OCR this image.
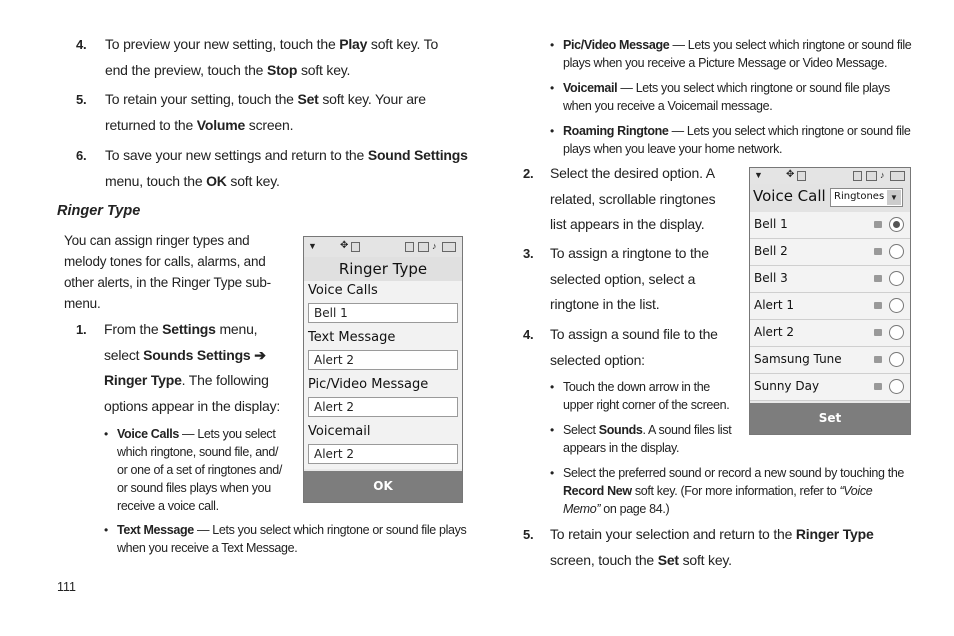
4. To preview your new setting, touch the Play soft key. To
end the preview, touch the Stop soft key.
5. To retain your setting, touch the Set soft key. Your are
returned to the Volume screen.
6. To save your new settings and return to the Sound Settings
menu, touch the OK soft key.
Ringer Type
You can assign ringer types and
melody tones for calls, alarms, and
other alerts, in the Ringer Type sub-
menu.
1. From the Settings menu,
select Sounds Settings ➔
Ringer Type. The following
options appear in the display:
• Voice Calls — Lets you select
which ringtone, sound file, and/
or one of a set of ringtones and/
or sound files plays when you
receive a voice call.
• Text Message — Lets you select which ringtone or sound file plays
when you receive a Text Message.
111
▼ ✥	♪
Ringer Type
Voice Calls
Bell 1
Text Message
Alert 2
Pic/Video Message
Alert 2
Voicemail
Alert 2
OK
• Pic/Video Message — Lets you select which ringtone or sound file
plays when you receive a Picture Message or Video Message.
• Voicemail — Lets you select which ringtone or sound file plays
when you receive a Voicemail message.
• Roaming Ringtone — Lets you select which ringtone or sound file
plays when you leave your home network.
2. Select the desired option. A
related, scrollable ringtones
list appears in the display.
3. To assign a ringtone to the
selected option, select a
ringtone in the list.
4. To assign a sound file to the
selected option:
• Touch the down arrow in the
upper right corner of the screen.
• Select Sounds. A sound files list
appears in the display.
• Select the preferred sound or record a new sound by touching the
Record New soft key. (For more information, refer to “Voice
Memo” on page 84.)
5. To retain your selection and return to the Ringer Type
screen, touch the Set soft key.
▼ ✥	♪
Voice Call Ringtones ▼
Bell 1
Bell 2
Bell 3
Alert 1
Alert 2
Samsung Tune
Sunny Day
Set
